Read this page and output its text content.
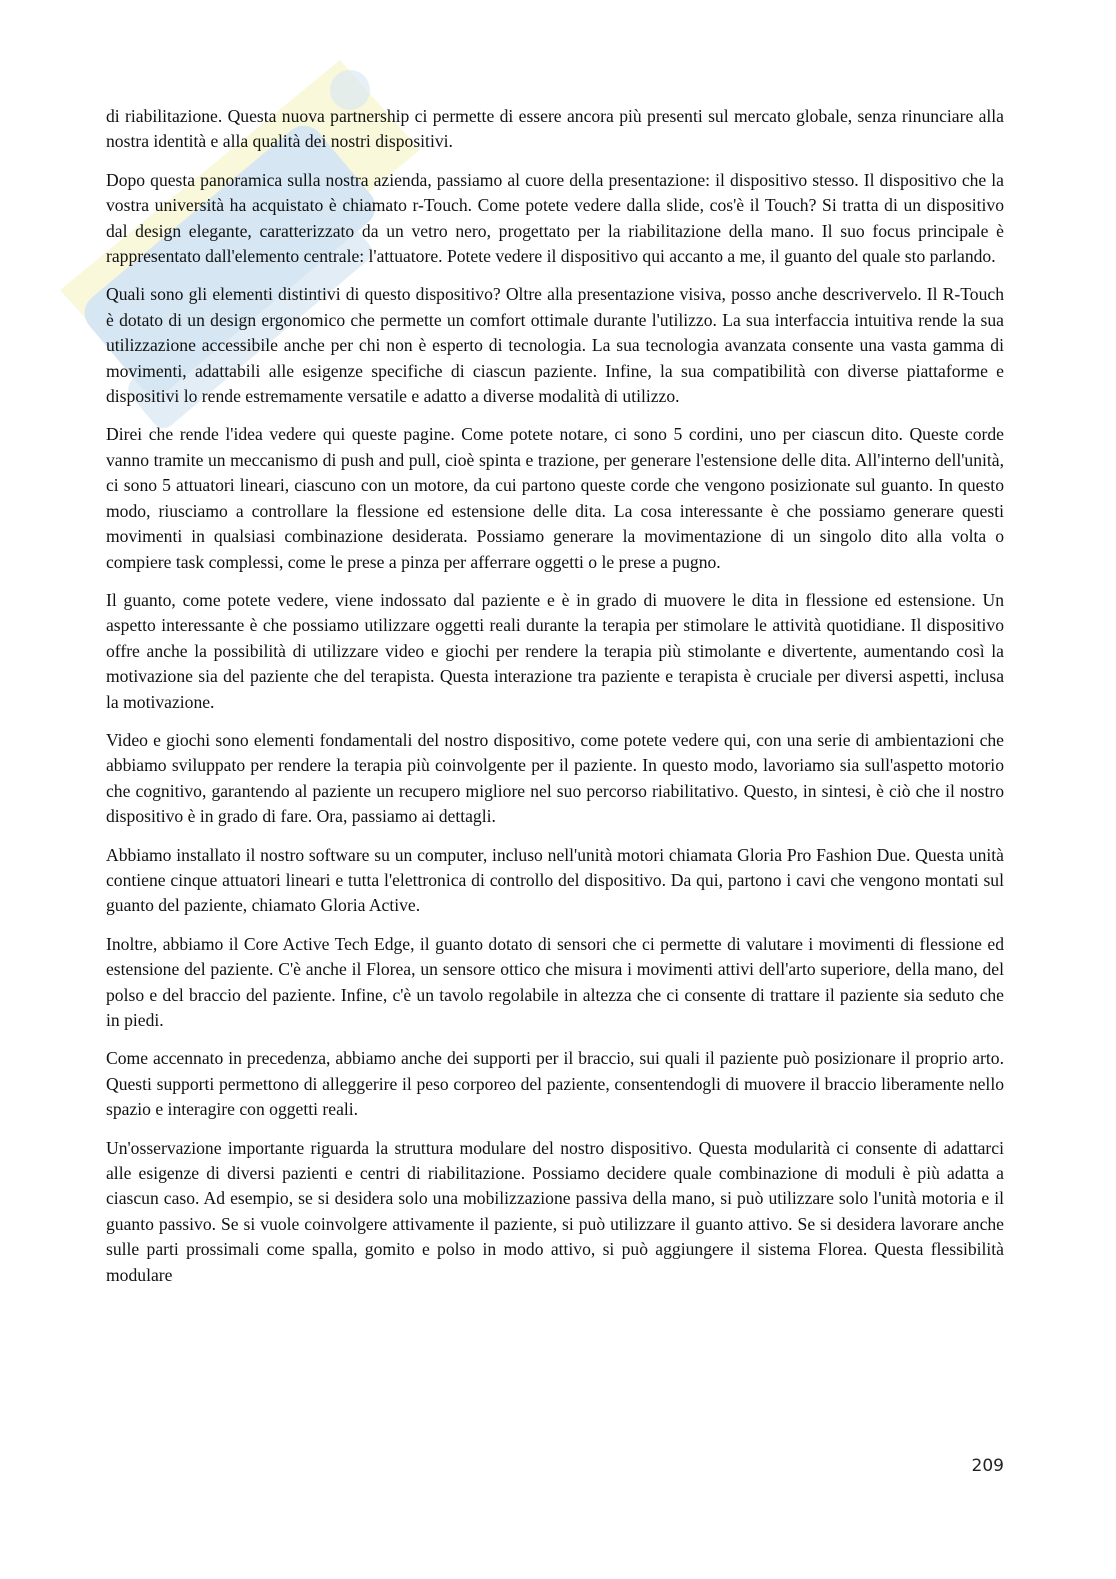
di riabilitazione. Questa nuova partnership ci permette di essere ancora più presenti sul mercato globale, senza rinunciare alla nostra identità e alla qualità dei nostri dispositivi.

Dopo questa panoramica sulla nostra azienda, passiamo al cuore della presentazione: il dispositivo stesso. Il dispositivo che la vostra università ha acquistato è chiamato r-Touch. Come potete vedere dalla slide, cos'è il Touch? Si tratta di un dispositivo dal design elegante, caratterizzato da un vetro nero, progettato per la riabilitazione della mano. Il suo focus principale è rappresentato dall'elemento centrale: l'attuatore. Potete vedere il dispositivo qui accanto a me, il guanto del quale sto parlando.

Quali sono gli elementi distintivi di questo dispositivo? Oltre alla presentazione visiva, posso anche descrivervelo. Il R-Touch è dotato di un design ergonomico che permette un comfort ottimale durante l'utilizzo. La sua interfaccia intuitiva rende la sua utilizzazione accessibile anche per chi non è esperto di tecnologia. La sua tecnologia avanzata consente una vasta gamma di movimenti, adattabili alle esigenze specifiche di ciascun paziente. Infine, la sua compatibilità con diverse piattaforme e dispositivi lo rende estremamente versatile e adatto a diverse modalità di utilizzo.

Direi che rende l'idea vedere qui queste pagine. Come potete notare, ci sono 5 cordini, uno per ciascun dito. Queste corde vanno tramite un meccanismo di push and pull, cioè spinta e trazione, per generare l'estensione delle dita. All'interno dell'unità, ci sono 5 attuatori lineari, ciascuno con un motore, da cui partono queste corde che vengono posizionate sul guanto. In questo modo, riusciamo a controllare la flessione ed estensione delle dita. La cosa interessante è che possiamo generare questi movimenti in qualsiasi combinazione desiderata. Possiamo generare la movimentazione di un singolo dito alla volta o compiere task complessi, come le prese a pinza per afferrare oggetti o le prese a pugno.

Il guanto, come potete vedere, viene indossato dal paziente e è in grado di muovere le dita in flessione ed estensione. Un aspetto interessante è che possiamo utilizzare oggetti reali durante la terapia per stimolare le attività quotidiane. Il dispositivo offre anche la possibilità di utilizzare video e giochi per rendere la terapia più stimolante e divertente, aumentando così la motivazione sia del paziente che del terapista. Questa interazione tra paziente e terapista è cruciale per diversi aspetti, inclusa la motivazione.

Video e giochi sono elementi fondamentali del nostro dispositivo, come potete vedere qui, con una serie di ambientazioni che abbiamo sviluppato per rendere la terapia più coinvolgente per il paziente. In questo modo, lavoriamo sia sull'aspetto motorio che cognitivo, garantendo al paziente un recupero migliore nel suo percorso riabilitativo. Questo, in sintesi, è ciò che il nostro dispositivo è in grado di fare. Ora, passiamo ai dettagli.

Abbiamo installato il nostro software su un computer, incluso nell'unità motori chiamata Gloria Pro Fashion Due. Questa unità contiene cinque attuatori lineari e tutta l'elettronica di controllo del dispositivo. Da qui, partono i cavi che vengono montati sul guanto del paziente, chiamato Gloria Active.

Inoltre, abbiamo il Core Active Tech Edge, il guanto dotato di sensori che ci permette di valutare i movimenti di flessione ed estensione del paziente. C'è anche il Florea, un sensore ottico che misura i movimenti attivi dell'arto superiore, della mano, del polso e del braccio del paziente. Infine, c'è un tavolo regolabile in altezza che ci consente di trattare il paziente sia seduto che in piedi.

Come accennato in precedenza, abbiamo anche dei supporti per il braccio, sui quali il paziente può posizionare il proprio arto. Questi supporti permettono di alleggerire il peso corporeo del paziente, consentendogli di muovere il braccio liberamente nello spazio e interagire con oggetti reali.

Un'osservazione importante riguarda la struttura modulare del nostro dispositivo. Questa modularità ci consente di adattarci alle esigenze di diversi pazienti e centri di riabilitazione. Possiamo decidere quale combinazione di moduli è più adatta a ciascun caso. Ad esempio, se si desidera solo una mobilizzazione passiva della mano, si può utilizzare solo l'unità motoria e il guanto passivo. Se si vuole coinvolgere attivamente il paziente, si può utilizzare il guanto attivo. Se si desidera lavorare anche sulle parti prossimali come spalla, gomito e polso in modo attivo, si può aggiungere il sistema Florea. Questa flessibilità modulare

209
